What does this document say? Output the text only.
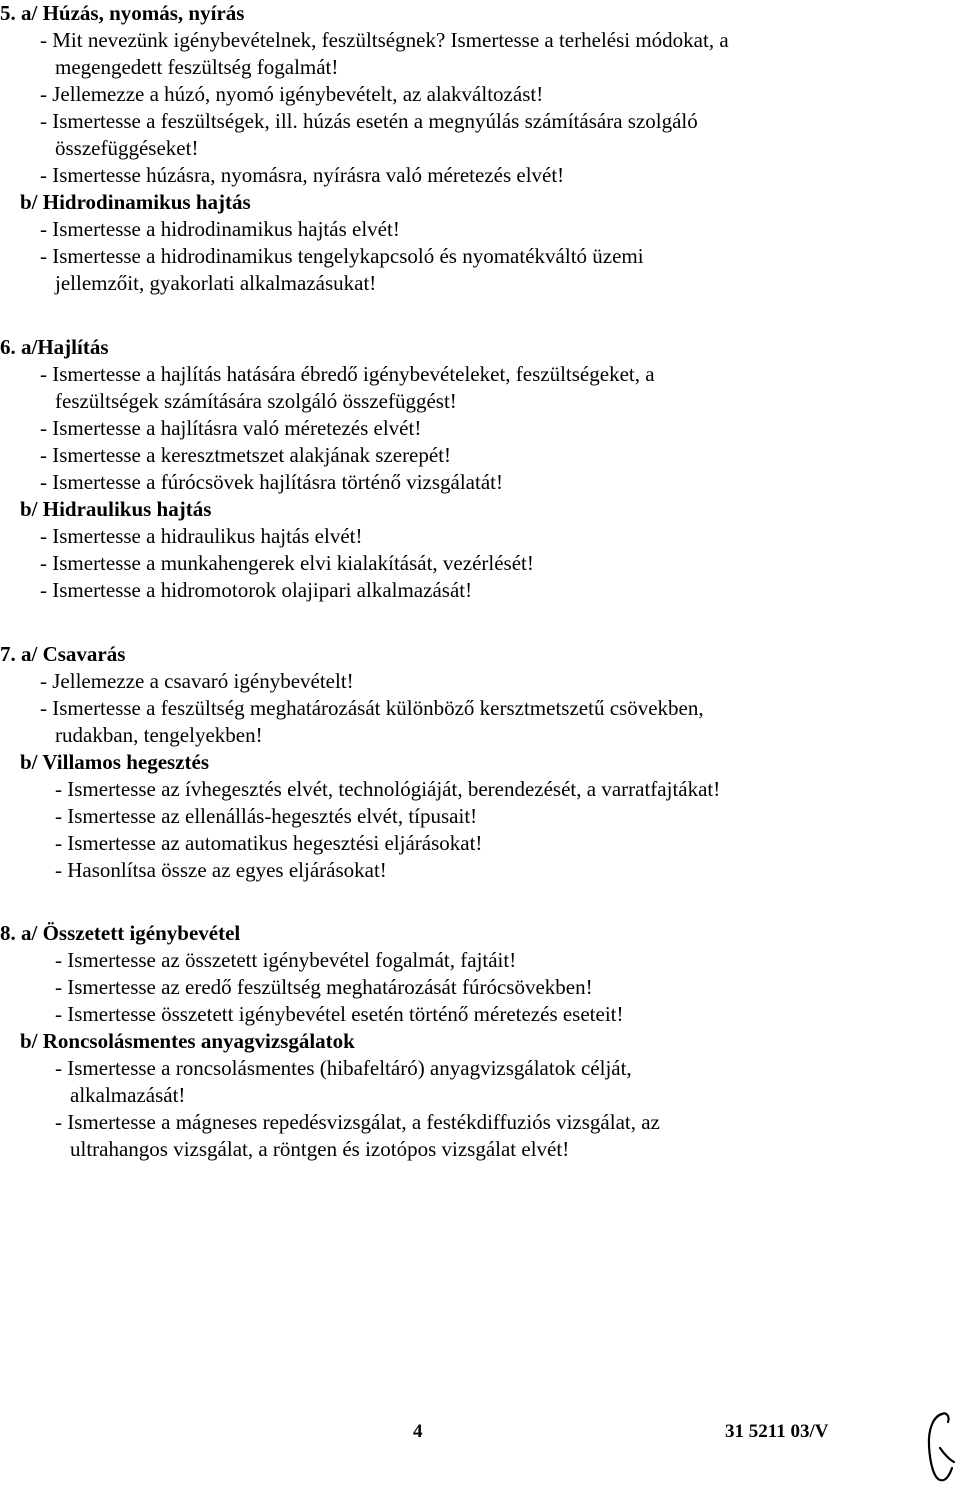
5. a/ Húzás, nyomás, nyírás
- Mit nevezünk igénybevételnek, feszültségnek? Ismertesse a terhelési módokat, a
megengedett feszültség fogalmát!
- Jellemezze a húzó, nyomó igénybevételt, az alakváltozást!
- Ismertesse a feszültségek, ill. húzás esetén a megnyúlás számítására szolgáló
összefüggéseket!
- Ismertesse húzásra, nyomásra, nyírásra való méretezés elvét!
b/ Hidrodinamikus hajtás
- Ismertesse a hidrodinamikus hajtás elvét!
- Ismertesse a hidrodinamikus tengelykapcsoló és nyomatékváltó üzemi
jellemzőit, gyakorlati alkalmazásukat!
6. a/Hajlítás
- Ismertesse a hajlítás hatására ébredő igénybevételeket, feszültségeket, a
feszültségek számítására szolgáló összefüggést!
- Ismertesse a hajlításra való méretezés elvét!
- Ismertesse a keresztmetszet alakjának szerepét!
- Ismertesse a fúrócsövek hajlításra történő vizsgálatát!
b/ Hidraulikus hajtás
- Ismertesse a hidraulikus hajtás elvét!
- Ismertesse a munkahengerek elvi kialakítását, vezérlését!
- Ismertesse a hidromotorok olajipari alkalmazását!
7. a/ Csavarás
- Jellemezze a csavaró igénybevételt!
- Ismertesse a feszültség meghatározását különböző kersztmetszetű csövekben,
rudakban, tengelyekben!
b/ Villamos hegesztés
- Ismertesse az ívhegesztés elvét, technológiáját, berendezését, a varratfajtákat!
- Ismertesse az ellenállás-hegesztés elvét, típusait!
- Ismertesse az automatikus hegesztési eljárásokat!
- Hasonlítsa össze az egyes eljárásokat!
8. a/ Összetett igénybevétel
- Ismertesse az összetett igénybevétel fogalmát, fajtáit!
- Ismertesse az eredő feszültség meghatározását fúrócsövekben!
- Ismertesse összetett igénybevétel esetén történő méretezés eseteit!
b/ Roncsolásmentes anyagvizsgálatok
- Ismertesse a roncsolásmentes (hibafeltáró) anyagvizsgálatok célját,
alkalmazását!
- Ismertesse a mágneses repedésvizsgálat, a festékdiffuziós vizsgálat, az
ultrahangos vizsgálat, a röntgen és izotópos vizsgálat elvét!
4	31 5211 03/V
